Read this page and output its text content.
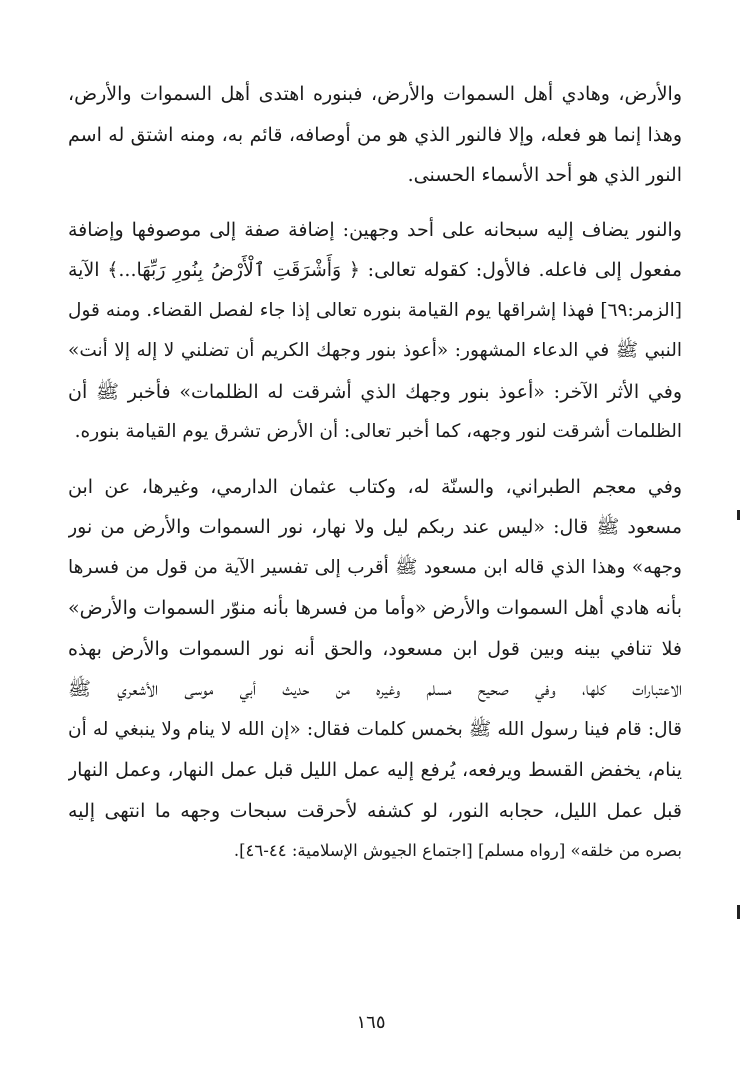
والأرض، وهادي أهل السموات والأرض، فبنوره اهتدى أهل السموات والأرض،
وهذا إنما هو فعله، وإلا فالنور الذي هو من أوصافه، قائم به، ومنه اشتق له اسم
النور الذي هو أحد الأسماء الحسنى.
والنور يضاف إليه سبحانه على أحد وجهين: إضافة صفة إلى موصوفها وإضافة
مفعول إلى فاعله. فالأول: كقوله تعالى: ﴿ وَأَشْرَقَتِ ٱلْأَرْضُ بِنُورِ رَبِّهَا...﴾ الآية
[الزمر:٦٩] فهذا إشراقها يوم القيامة بنوره تعالى إذا جاء لفصل القضاء. ومنه قول
النبي ﷺ في الدعاء المشهور: «أعوذ بنور وجهك الكريم أن تضلني لا إله إلا أنت»
وفي الأثر الآخر: «أعوذ بنور وجهك الذي أشرقت له الظلمات» فأخبر ﷺ أن
الظلمات أشرقت لنور وجهه، كما أخبر تعالى: أن الأرض تشرق يوم القيامة بنوره.
وفي معجم الطبراني، والسنّة له، وكتاب عثمان الدارمي، وغيرها، عن ابن
مسعود ﷺ قال: «ليس عند ربكم ليل ولا نهار، نور السموات والأرض من نور
وجهه» وهذا الذي قاله ابن مسعود ﷺ أقرب إلى تفسير الآية من قول من فسرها
بأنه هادي أهل السموات والأرض «وأما من فسرها بأنه منوّر السموات والأرض»
فلا تنافي بينه وبين قول ابن مسعود، والحق أنه نور السموات والأرض بهذه
الاعتبارات كلها، وفي صحيح مسلم وغيره من حديث أبي موسى الأشعري ﷺ
قال: قام فينا رسول الله ﷺ بخمس كلمات فقال: «إن الله لا ينام ولا ينبغي له أن
ينام، يخفض القسط ويرفعه، يُرفع إليه عمل الليل قبل عمل النهار، وعمل النهار
قبل عمل الليل، حجابه النور، لو كشفه لأحرقت سبحات وجهه ما انتهى إليه
بصره من خلقه» [رواه مسلم] [اجتماع الجيوش الإسلامية: ٤٤-٤٦].
١٦٥
